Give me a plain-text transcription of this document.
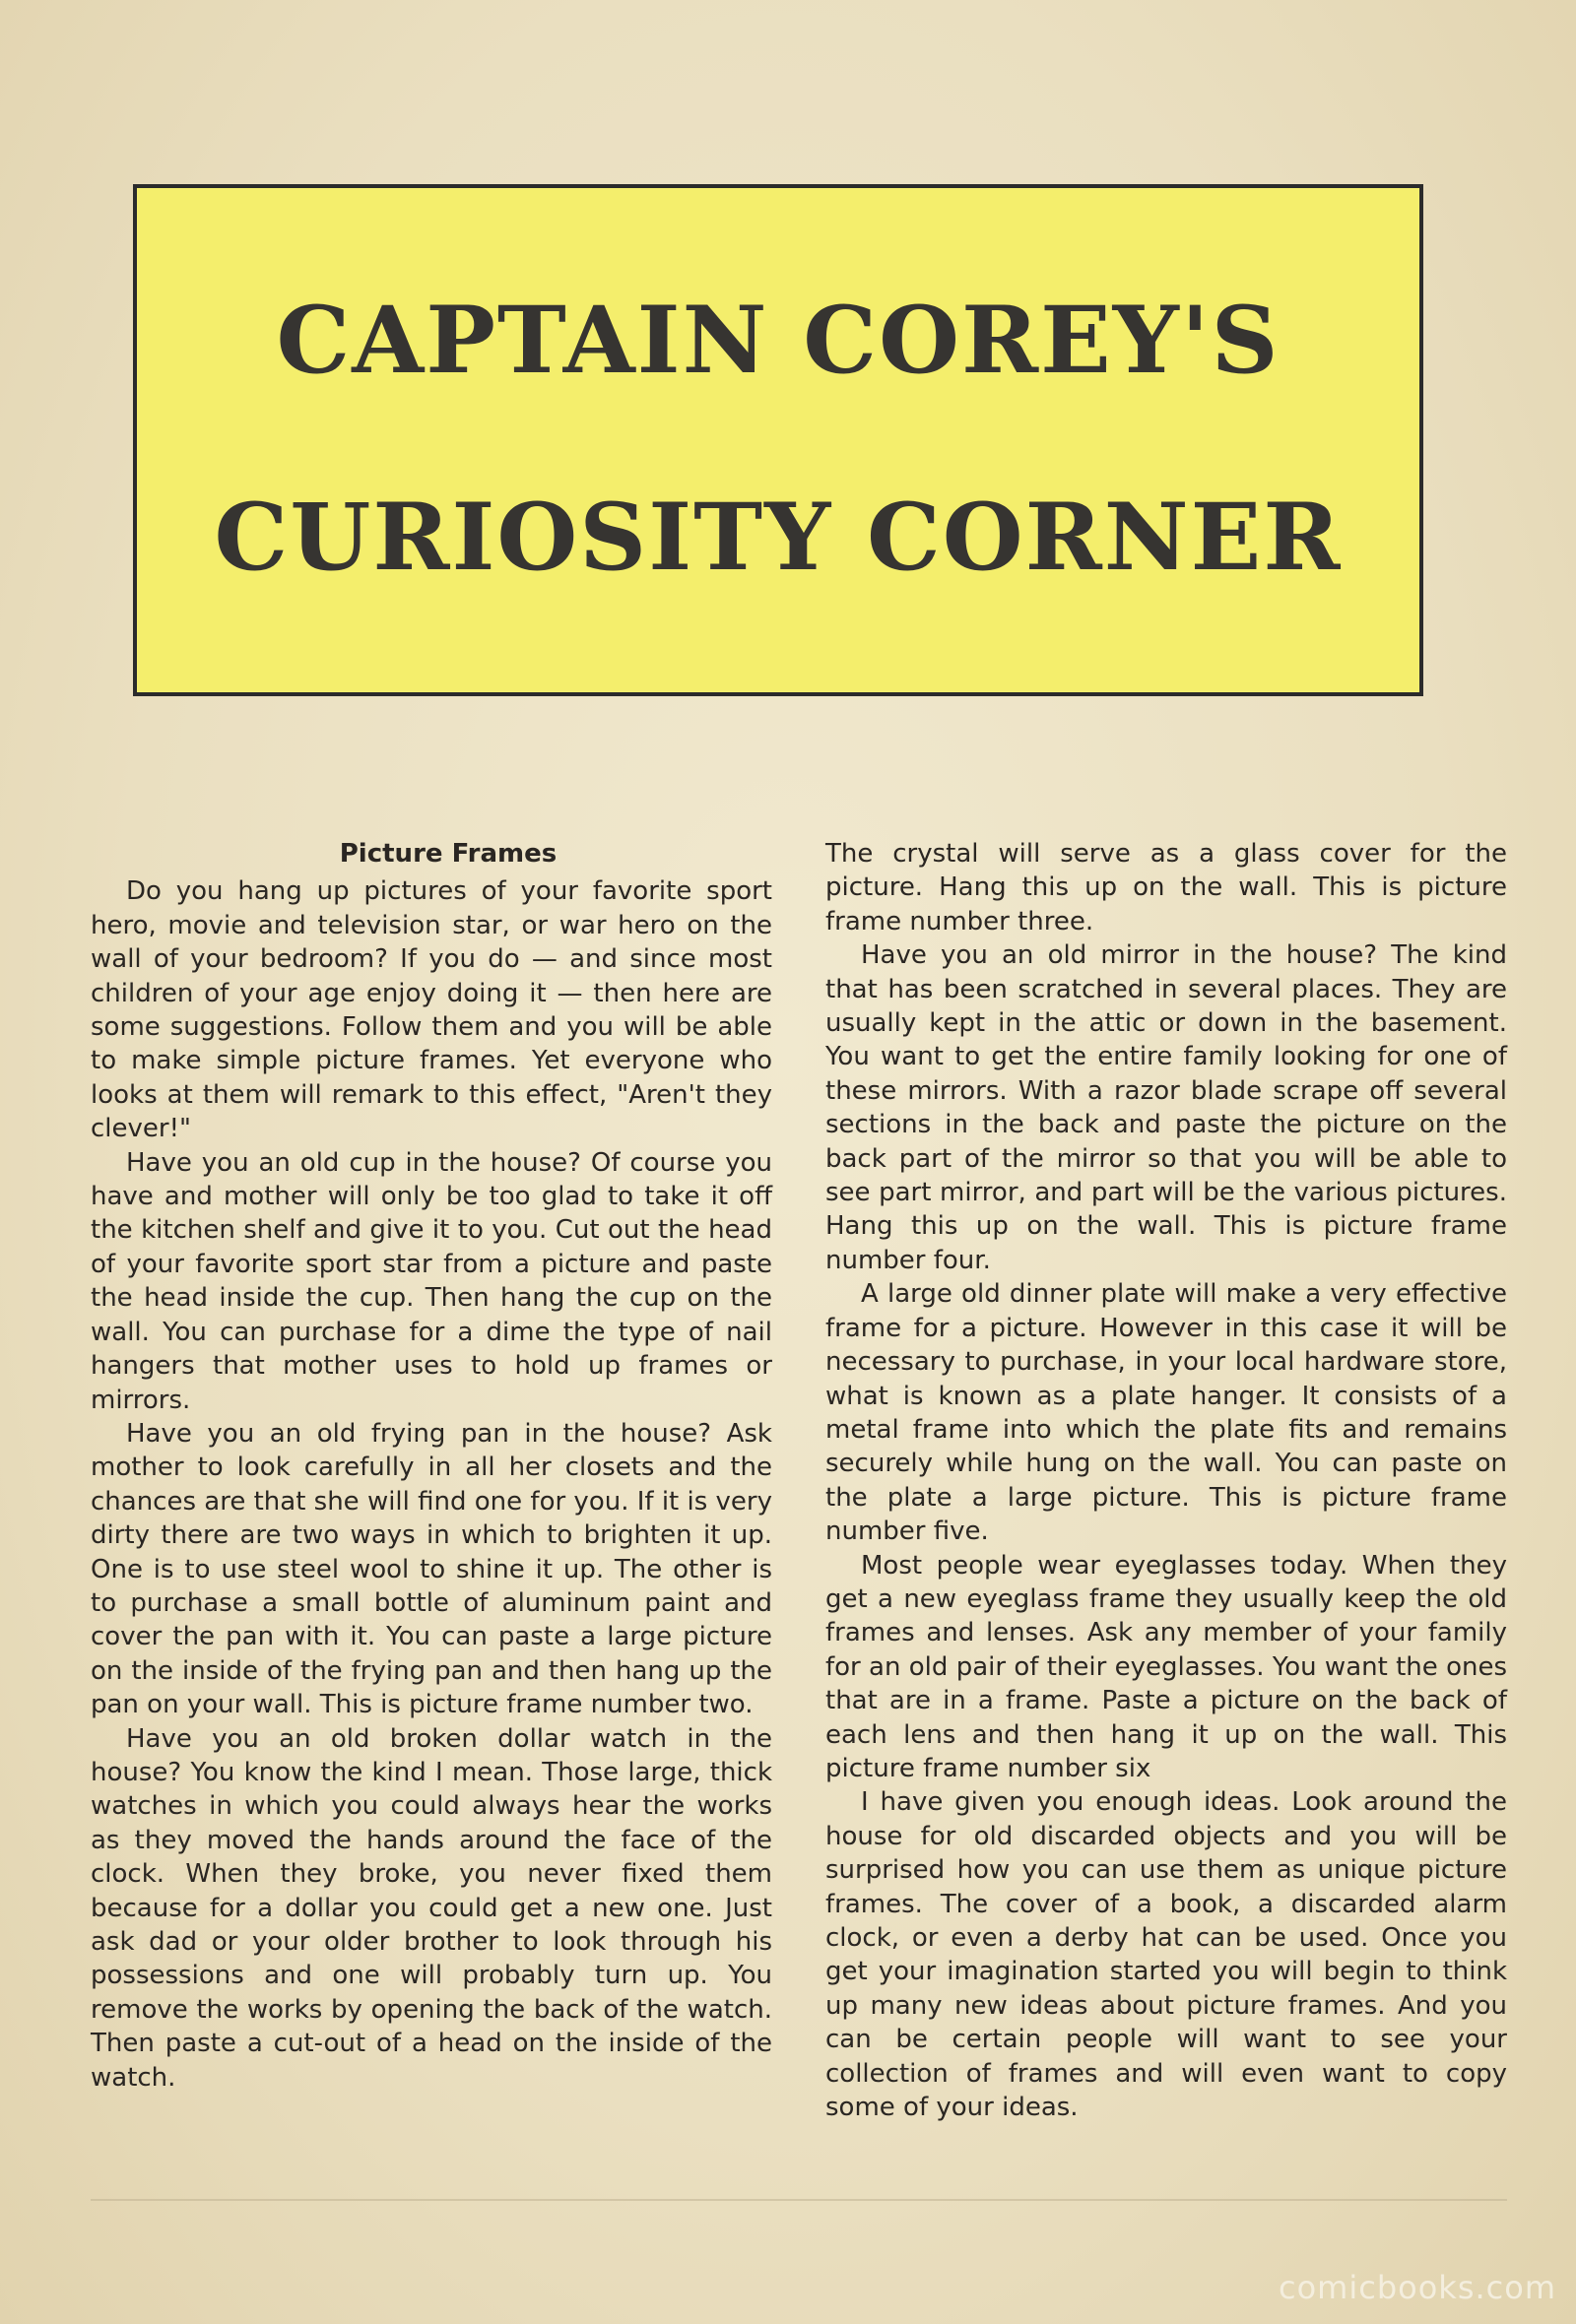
CAPTAIN COREY'S
CURIOSITY CORNER
Picture Frames

Do you hang up pictures of your favorite sport hero, movie and television star, or war hero on the wall of your bedroom? If you do — and since most children of your age enjoy doing it — then here are some suggestions. Follow them and you will be able to make simple picture frames. Yet everyone who looks at them will remark to this effect, "Aren't they clever!"

Have you an old cup in the house? Of course you have and mother will only be too glad to take it off the kitchen shelf and give it to you. Cut out the head of your favorite sport star from a picture and paste the head inside the cup. Then hang the cup on the wall. You can purchase for a dime the type of nail hangers that mother uses to hold up frames or mirrors.

Have you an old frying pan in the house? Ask mother to look carefully in all her closets and the chances are that she will find one for you. If it is very dirty there are two ways in which to brighten it up. One is to use steel wool to shine it up. The other is to purchase a small bottle of aluminum paint and cover the pan with it. You can paste a large picture on the inside of the frying pan and then hang up the pan on your wall. This is picture frame number two.

Have you an old broken dollar watch in the house? You know the kind I mean. Those large, thick watches in which you could always hear the works as they moved the hands around the face of the clock. When they broke, you never fixed them because for a dollar you could get a new one. Just ask dad or your older brother to look through his possessions and one will probably turn up. You remove the works by opening the back of the watch. Then paste a cut-out of a head on the inside of the watch.

The crystal will serve as a glass cover for the picture. Hang this up on the wall. This is picture frame number three.

Have you an old mirror in the house? The kind that has been scratched in several places. They are usually kept in the attic or down in the basement. You want to get the entire family looking for one of these mirrors. With a razor blade scrape off several sections in the back and paste the picture on the back part of the mirror so that you will be able to see part mirror, and part will be the various pictures. Hang this up on the wall. This is picture frame number four.

A large old dinner plate will make a very effective frame for a picture. However in this case it will be necessary to purchase, in your local hardware store, what is known as a plate hanger. It consists of a metal frame into which the plate fits and remains securely while hung on the wall. You can paste on the plate a large picture. This is picture frame number five.

Most people wear eyeglasses today. When they get a new eyeglass frame they usually keep the old frames and lenses. Ask any member of your family for an old pair of their eyeglasses. You want the ones that are in a frame. Paste a picture on the back of each lens and then hang it up on the wall. This picture frame number six

I have given you enough ideas. Look around the house for old discarded objects and you will be surprised how you can use them as unique picture frames. The cover of a book, a discarded alarm clock, or even a derby hat can be used. Once you get your imagination started you will begin to think up many new ideas about picture frames. And you can be certain people will want to see your collection of frames and will even want to copy some of your ideas.

comicbooks.com
